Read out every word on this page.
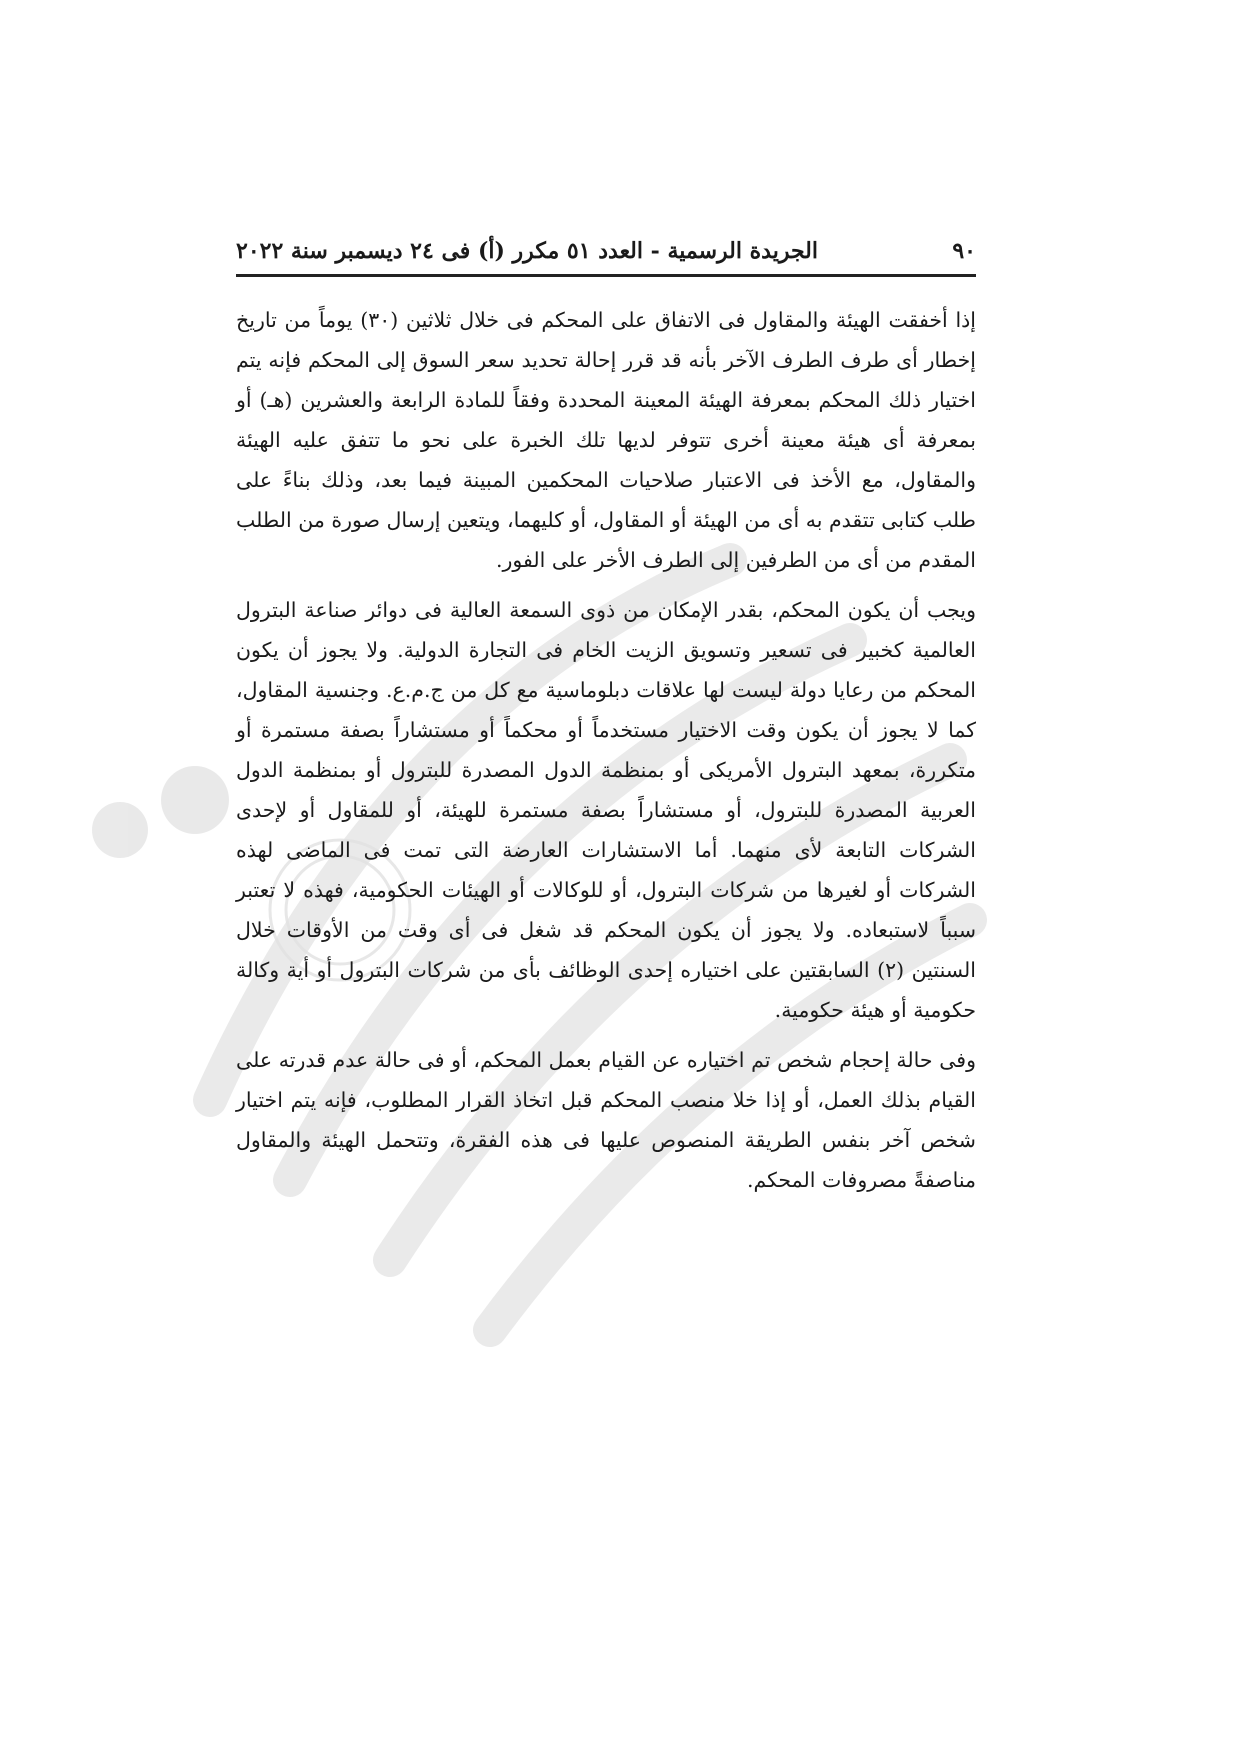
٩٠
الجريدة الرسمية - العدد ٥١ مكرر (أ) فى ٢٤ ديسمبر سنة ٢٠٢٢

إذا أخفقت الهيئة والمقاول فى الاتفاق على المحكم فى خلال ثلاثين (٣٠) يوماً من تاريخ إخطار أى طرف الطرف الآخر بأنه قد قرر إحالة تحديد سعر السوق إلى المحكم فإنه يتم اختيار ذلك المحكم بمعرفة الهيئة المعينة المحددة وفقاً للمادة الرابعة والعشرين (هـ) أو بمعرفة أى هيئة معينة أخرى تتوفر لديها تلك الخبرة على نحو ما تتفق عليه الهيئة والمقاول، مع الأخذ فى الاعتبار صلاحيات المحكمين المبينة فيما بعد، وذلك بناءً على طلب كتابى تتقدم به أى من الهيئة أو المقاول، أو كليهما، ويتعين إرسال صورة من الطلب المقدم من أى من الطرفين إلى الطرف الأخر على الفور.

ويجب أن يكون المحكم، بقدر الإمكان من ذوى السمعة العالية فى دوائر صناعة البترول العالمية كخبير فى تسعير وتسويق الزيت الخام فى التجارة الدولية. ولا يجوز أن يكون المحكم من رعايا دولة ليست لها علاقات دبلوماسية مع كل من ج.م.ع. وجنسية المقاول، كما لا يجوز أن يكون وقت الاختيار مستخدماً أو محكماً أو مستشاراً بصفة مستمرة أو متكررة، بمعهد البترول الأمريكى أو بمنظمة الدول المصدرة للبترول أو بمنظمة الدول العربية المصدرة للبترول، أو مستشاراً بصفة مستمرة للهيئة، أو للمقاول أو لإحدى الشركات التابعة لأى منهما. أما الاستشارات العارضة التى تمت فى الماضى لهذه الشركات أو لغيرها من شركات البترول، أو للوكالات أو الهيئات الحكومية، فهذه لا تعتبر سبباً لاستبعاده. ولا يجوز أن يكون المحكم قد شغل فى أى وقت من الأوقات خلال السنتين (٢) السابقتين على اختياره إحدى الوظائف بأى من شركات البترول أو أية وكالة حكومية أو هيئة حكومية.

وفى حالة إحجام شخص تم اختياره عن القيام بعمل المحكم، أو فى حالة عدم قدرته على القيام بذلك العمل، أو إذا خلا منصب المحكم قبل اتخاذ القرار المطلوب، فإنه يتم اختيار شخص آخر بنفس الطريقة المنصوص عليها فى هذه الفقرة، وتتحمل الهيئة والمقاول مناصفةً مصروفات المحكم.
